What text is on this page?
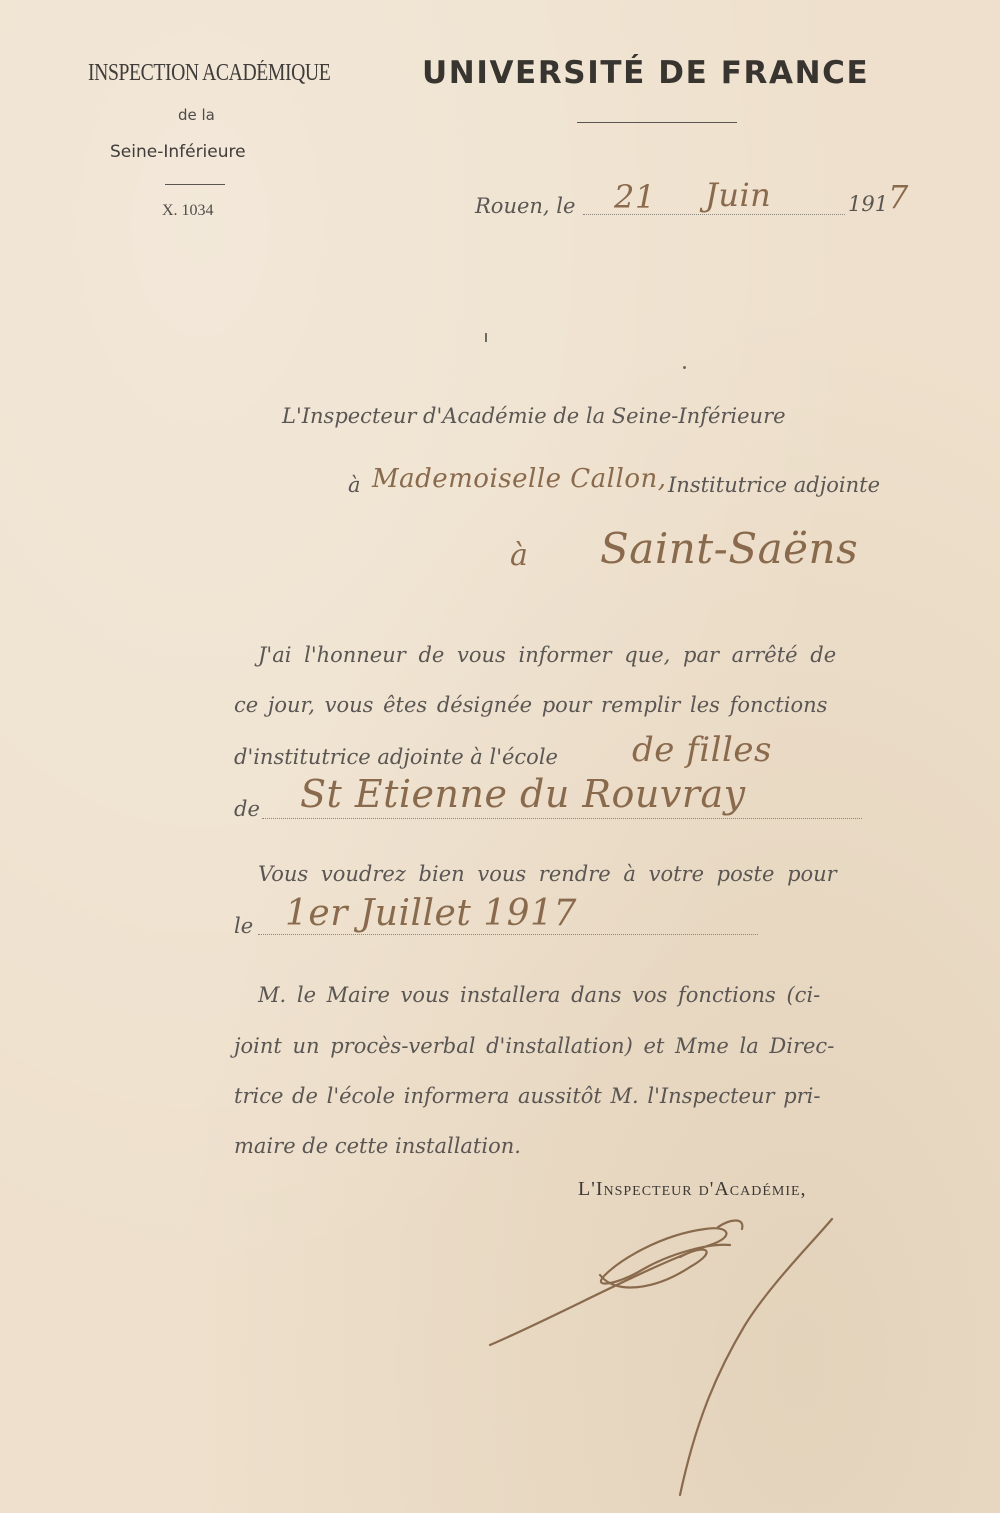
INSPECTION ACADÉMIQUE
de la
Seine-Inférieure
X. 1034
UNIVERSITÉ DE FRANCE
Rouen, le 21 Juin	191 7
L'Inspecteur d'Académie de la Seine-Inférieure
à Mademoiselle Callon, Institutrice adjointe
à Saint-Saëns
J'ai l'honneur de vous informer que, par arrêté de
ce jour, vous êtes désignée pour remplir les fonctions
d'institutrice adjointe à l'école de filles
de St Etienne du Rouvray
Vous voudrez bien vous rendre à votre poste pour
le 1er Juillet 1917
M. le Maire vous installera dans vos fonctions (ci-
joint un procès-verbal d'installation) et Mme la Direc-
trice de l'école informera aussitôt M. l'Inspecteur pri-
maire de cette installation.
L'Inspecteur d'Académie,
